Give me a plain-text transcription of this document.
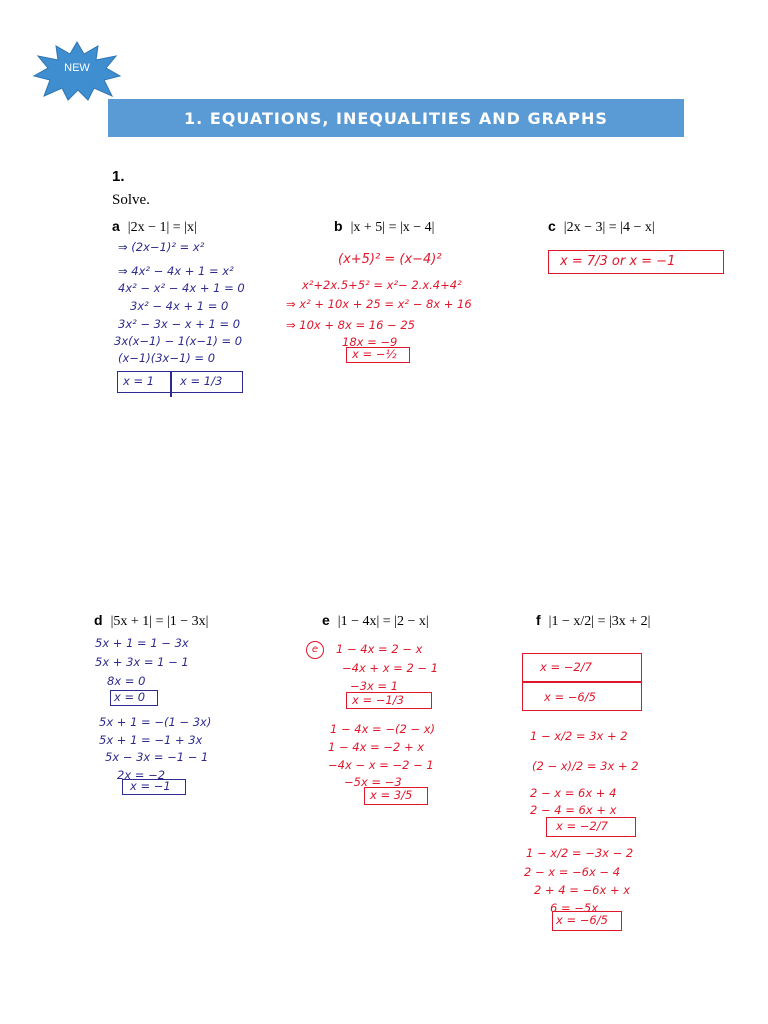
NEW
1. EQUATIONS, INEQUALITIES AND GRAPHS
1.
Solve.
a |2x − 1| = |x|
⇒ (2x−1)² = x²
⇒ 4x² − 4x + 1 = x²
4x² − x² − 4x + 1 = 0
3x² − 4x + 1 = 0
3x² − 3x − x + 1 = 0
3x(x−1) − 1(x−1) = 0
(x−1)(3x−1) = 0
x = 1 x = 1/3
b |x + 5| = |x − 4|
(x+5)² = (x−4)²
x²+2x.5+5² = x²− 2.x.4+4²
⇒ x² + 10x + 25 = x² − 8x + 16
⇒ 10x + 8x = 16 − 25
18x = −9
x = −½
c |2x − 3| = |4 − x|
x = 7/3 or x = −1
d |5x + 1| = |1 − 3x|
5x + 1 = 1 − 3x
5x + 3x = 1 − 1
8x = 0
5x + 1 = −(1 − 3x)
5x + 1 = −1 + 3x
5x − 3x = −1 − 1
2x = −2
x = 0
x = −1
e |1 − 4x| = |2 − x|
e	1 − 4x = 2 − x
−4x + x = 2 − 1
−3x = 1
1 − 4x = −(2 − x)
1 − 4x = −2 + x
−4x − x = −2 − 1
−5x = −3
x = −1/3
x = 3/5
f |1 − x/2| = |3x + 2|
x = −2/7
x = −6/5
1 − x/2 = 3x + 2
(2 − x)/2 = 3x + 2
2 − x = 6x + 4
2 − 4 = 6x + x
1 − x/2 = −3x − 2
2 − x = −6x − 4
2 + 4 = −6x + x
6 = −5x
x = −2/7
x = −6/5
